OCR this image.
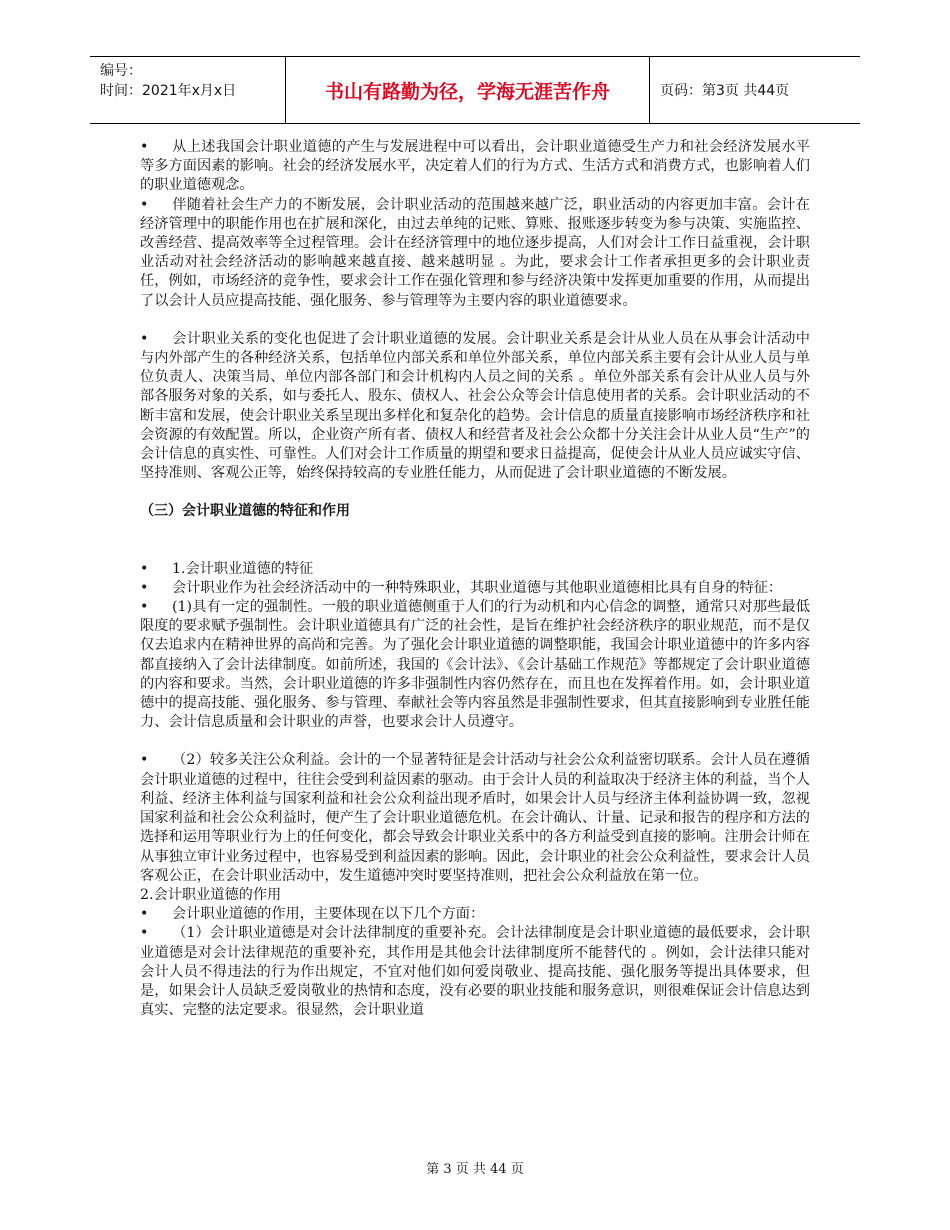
编号：
时间：2021年x月x日	书山有路勤为径，学海无涯苦作舟	页码：第3页 共44页

• 从上述我国会计职业道德的产生与发展进程中可以看出，会计职业道德受生产力和社会经济发展水平等多方面因素的影响。社会的经济发展水平，决定着人们的行为方式、生活方式和消费方式，也影响着人们的职业道德观念。

• 伴随着社会生产力的不断发展，会计职业活动的范围越来越广泛，职业活动的内容更加丰富。会计在经济管理中的职能作用也在扩展和深化，由过去单纯的记账、算账、报账逐步转变为参与决策、实施监控、改善经营、提高效率等全过程管理。会计在经济管理中的地位逐步提高，人们对会计工作日益重视，会计职业活动对社会经济活动的影响越来越直接、越来越明显 。为此，要求会计工作者承担更多的会计职业责任，例如，市场经济的竞争性，要求会计工作在强化管理和参与经济决策中发挥更加重要的作用，从而提出了以会计人员应提高技能、强化服务、参与管理等为主要内容的职业道德要求。

• 会计职业关系的变化也促进了会计职业道德的发展。会计职业关系是会计从业人员在从事会计活动中与内外部产生的各种经济关系，包括单位内部关系和单位外部关系，单位内部关系主要有会计从业人员与单位负责人、决策当局、单位内部各部门和会计机构内人员之间的关系 。单位外部关系有会计从业人员与外部各服务对象的关系，如与委托人、股东、债权人、社会公众等会计信息使用者的关系。会计职业活动的不断丰富和发展，使会计职业关系呈现出多样化和复杂化的趋势。会计信息的质量直接影响市场经济秩序和社会资源的有效配置。所以，企业资产所有者、债权人和经营者及社会公众都十分关注会计从业人员“生产”的会计信息的真实性、可靠性。人们对会计工作质量的期望和要求日益提高，促使会计从业人员应诚实守信、坚持准则、客观公正等，始终保持较高的专业胜任能力，从而促进了会计职业道德的不断发展。

（三）会计职业道德的特征和作用

• 1.会计职业道德的特征

• 会计职业作为社会经济活动中的一种特殊职业，其职业道德与其他职业道德相比具有自身的特征：

• (1)具有一定的强制性。一般的职业道德侧重于人们的行为动机和内心信念的调整，通常只对那些最低限度的要求赋予强制性。会计职业道德具有广泛的社会性，是旨在维护社会经济秩序的职业规范，而不是仅仅去追求内在精神世界的高尚和完善。为了强化会计职业道德的调整职能，我国会计职业道德中的许多内容都直接纳入了会计法律制度。如前所述，我国的《会计法》、《会计基础工作规范》等都规定了会计职业道德的内容和要求。当然，会计职业道德的许多非强制性内容仍然存在，而且也在发挥着作用。如，会计职业道德中的提高技能、强化服务、参与管理、奉献社会等内容虽然是非强制性要求，但其直接影响到专业胜任能力、会计信息质量和会计职业的声誉，也要求会计人员遵守。

• （2）较多关注公众利益。会计的一个显著特征是会计活动与社会公众利益密切联系。会计人员在遵循会计职业道德的过程中，往往会受到利益因素的驱动。由于会计人员的利益取决于经济主体的利益，当个人利益、经济主体利益与国家利益和社会公众利益出现矛盾时，如果会计人员与经济主体利益协调一致，忽视国家利益和社会公众利益时，便产生了会计职业道德危机。在会计确认、计量、记录和报告的程序和方法的选择和运用等职业行为上的任何变化，都会导致会计职业关系中的各方利益受到直接的影响。注册会计师在从事独立审计业务过程中，也容易受到利益因素的影响。因此，会计职业的社会公众利益性，要求会计人员客观公正，在会计职业活动中，发生道德冲突时要坚持准则，把社会公众利益放在第一位。

2.会计职业道德的作用

• 会计职业道德的作用，主要体现在以下几个方面：

• （1）会计职业道德是对会计法律制度的重要补充。会计法律制度是会计职业道德的最低要求，会计职业道德是对会计法律规范的重要补充，其作用是其他会计法律制度所不能替代的 。例如，会计法律只能对会计人员不得违法的行为作出规定，不宜对他们如何爱岗敬业、提高技能、强化服务等提出具体要求，但是，如果会计人员缺乏爱岗敬业的热情和态度，没有必要的职业技能和服务意识，则很难保证会计信息达到真实、完整的法定要求。很显然，会计职业道

第 3 页 共 44 页
